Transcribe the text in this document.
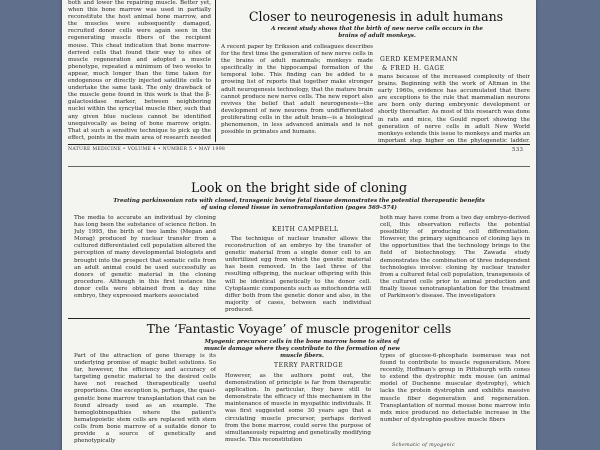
both and lower the repairing muscle. Better yet, when this bone marrow was used in partially reconstitute the host animal bone marrow, and the muscles were subsequently damaged, recruited donor cells were again seen in the regenerating muscle fibers of the recipient mouse. This cheat indication that bone marrow-derived cells that found their way to sites of muscle regeneration and adopted a muscle phenotype, repeated a minimum of two weeks to appear, much longer than the time taken for endogenous or directly injected satellite cells to undertake the same task. The only drawback of the muscle gene found in this work is that the β-galactosidase marker, between neighboring nuclei within the syncytial muscle fiber, such that any given blue nucleus cannot be identified unequivocally as being of bone marrow origin. That at such a sensitive technique to pick up the effect, points in the main area of research needed

Closer to neurogenesis in adult humans

A recent study shows that the birth of new nerve cells occurs in the brains of adult monkeys.

A recent paper by Eriksson and colleagues describes for the first time the generation of new nerve cells in the brains of adult mammals; monkeys made specifically in the hippocampal formation of the temporal lobe. This finding can be added to a growing list of reports that together make stronger adult neurogenesis technology, that the mature brain cannot produce new nerve cells. The new report also revives the belief that adult neurogenesis—the development of new neurons from undifferentiated proliferating cells in the adult brain—is a biological phenomenon, in less advanced animals and is not possible in primates and humans.

GERD KEMPERMANN
& FRED H. GAGE

mans because of the increased complexity of their brains. Beginning with the work of Altman in the early 1960s, evidence has accumulated that there are exceptions to the rule that mammalian neurons are born only during embryonic development or shortly thereafter. As most of this research was done in rats and mice, the Gould report showing the generation of nerve cells in adult New World monkeys extends this issue to monkeys and marks an important step higher on the phylogenetic ladder.

NATURE MEDICINE • VOLUME 4 • NUMBER 5 • MAY 1998	533
Look on the bright side of cloning

Treating parkinsonian rats with cloned, transgenic bovine fetal tissue demonstrates the potential therapeutic benefits of using cloned tissue in xenotransplantation (pages 569–574)

The media to accurate an individual by cloning has long been the substance of science fiction. In July 1995, the birth of two lambs (Megan and Morag) produced by nuclear transfer from a cultured differentiated cell population altered the perception of many developmental biologists and brought into the prospect that somatic cells from an adult animal could be used successfully as donors of genetic material in the cloning procedure. Although in this first instance the donor cells were obtained from a day nine embryo, they expressed markers associated

KEITH CAMPBELL

The technique of nuclear transfer allows the reconstruction of an embryo by the transfer of genetic material from a single donor cell to an unfertilized egg from which the genetic material has been removed. In the last three of the resulting offspring, the nuclear offspring with this will be identical genetically to the donor cell. Cytoplasmic components such as mitochondria will differ both from the genetic donor and also, in the majority of cases, between each individual produced.

both may have come from a two day embryo-derived cell, this observation reflects the potential possibility of producing cell differentiation. However, the primary significance of cloning lays in the opportunities that the technology brings to the field of biotechnology. The Zawada study demonstrates the combination of three independent technologies involve: cloning by nuclear transfer from a cultured fetal cell population, transgenesis of the cultured cells prior to animal production and finally tissue xenotransplantation for the treatment of Parkinson's disease. The investigators

The ‘Fantastic Voyage’ of muscle progenitor cells

Myogenic precursor cells in the bone marrow home to sites of muscle damage where they contribute to the formation of new muscle fibers.

Part of the attraction of gene therapy is its underlying promise of magic bullet solutions. So far, however, the efficiency and accuracy of targeting genetic material to the desired cells have not reached therapeutically useful proportions. One exception is, perhaps, the quasi-genetic bone marrow transplantation that can be found already used as an example. The hemoglobinopathies where the patient's hematopoietic stem cells are replaced with stem cells from bone marrow of a suitable donor to provide a source of genetically and phenotypically

TERRY PARTRIDGE

However, as the authors point out, the demonstration of principle is far from therapeutic application. In particular, they have still to demonstrate the efficacy of this mechanism in the maintenance of muscle in myopathic individuals. It was first suggested some 30 years ago that a circulating muscle precursor, perhaps derived from the bone marrow, could serve the purpose of simultaneously repairing and genetically modifying muscle. This reconstitution

types of glucose-6-phosphate isomerase was not found to contribute to muscle regeneration. More recently, Hoffman's group in Pittsburgh with cones to extend the dystrophic mdx mouse (an animal model of Duchenne muscular dystrophy), which lacks the protein dystrophin and exhibits massive muscle fiber degeneration and regeneration. Transplantation of normal mouse bone marrow into mdx mice produced no detectable increase in the number of dystrophin-positive muscle fibers

Schematic of myogenic
